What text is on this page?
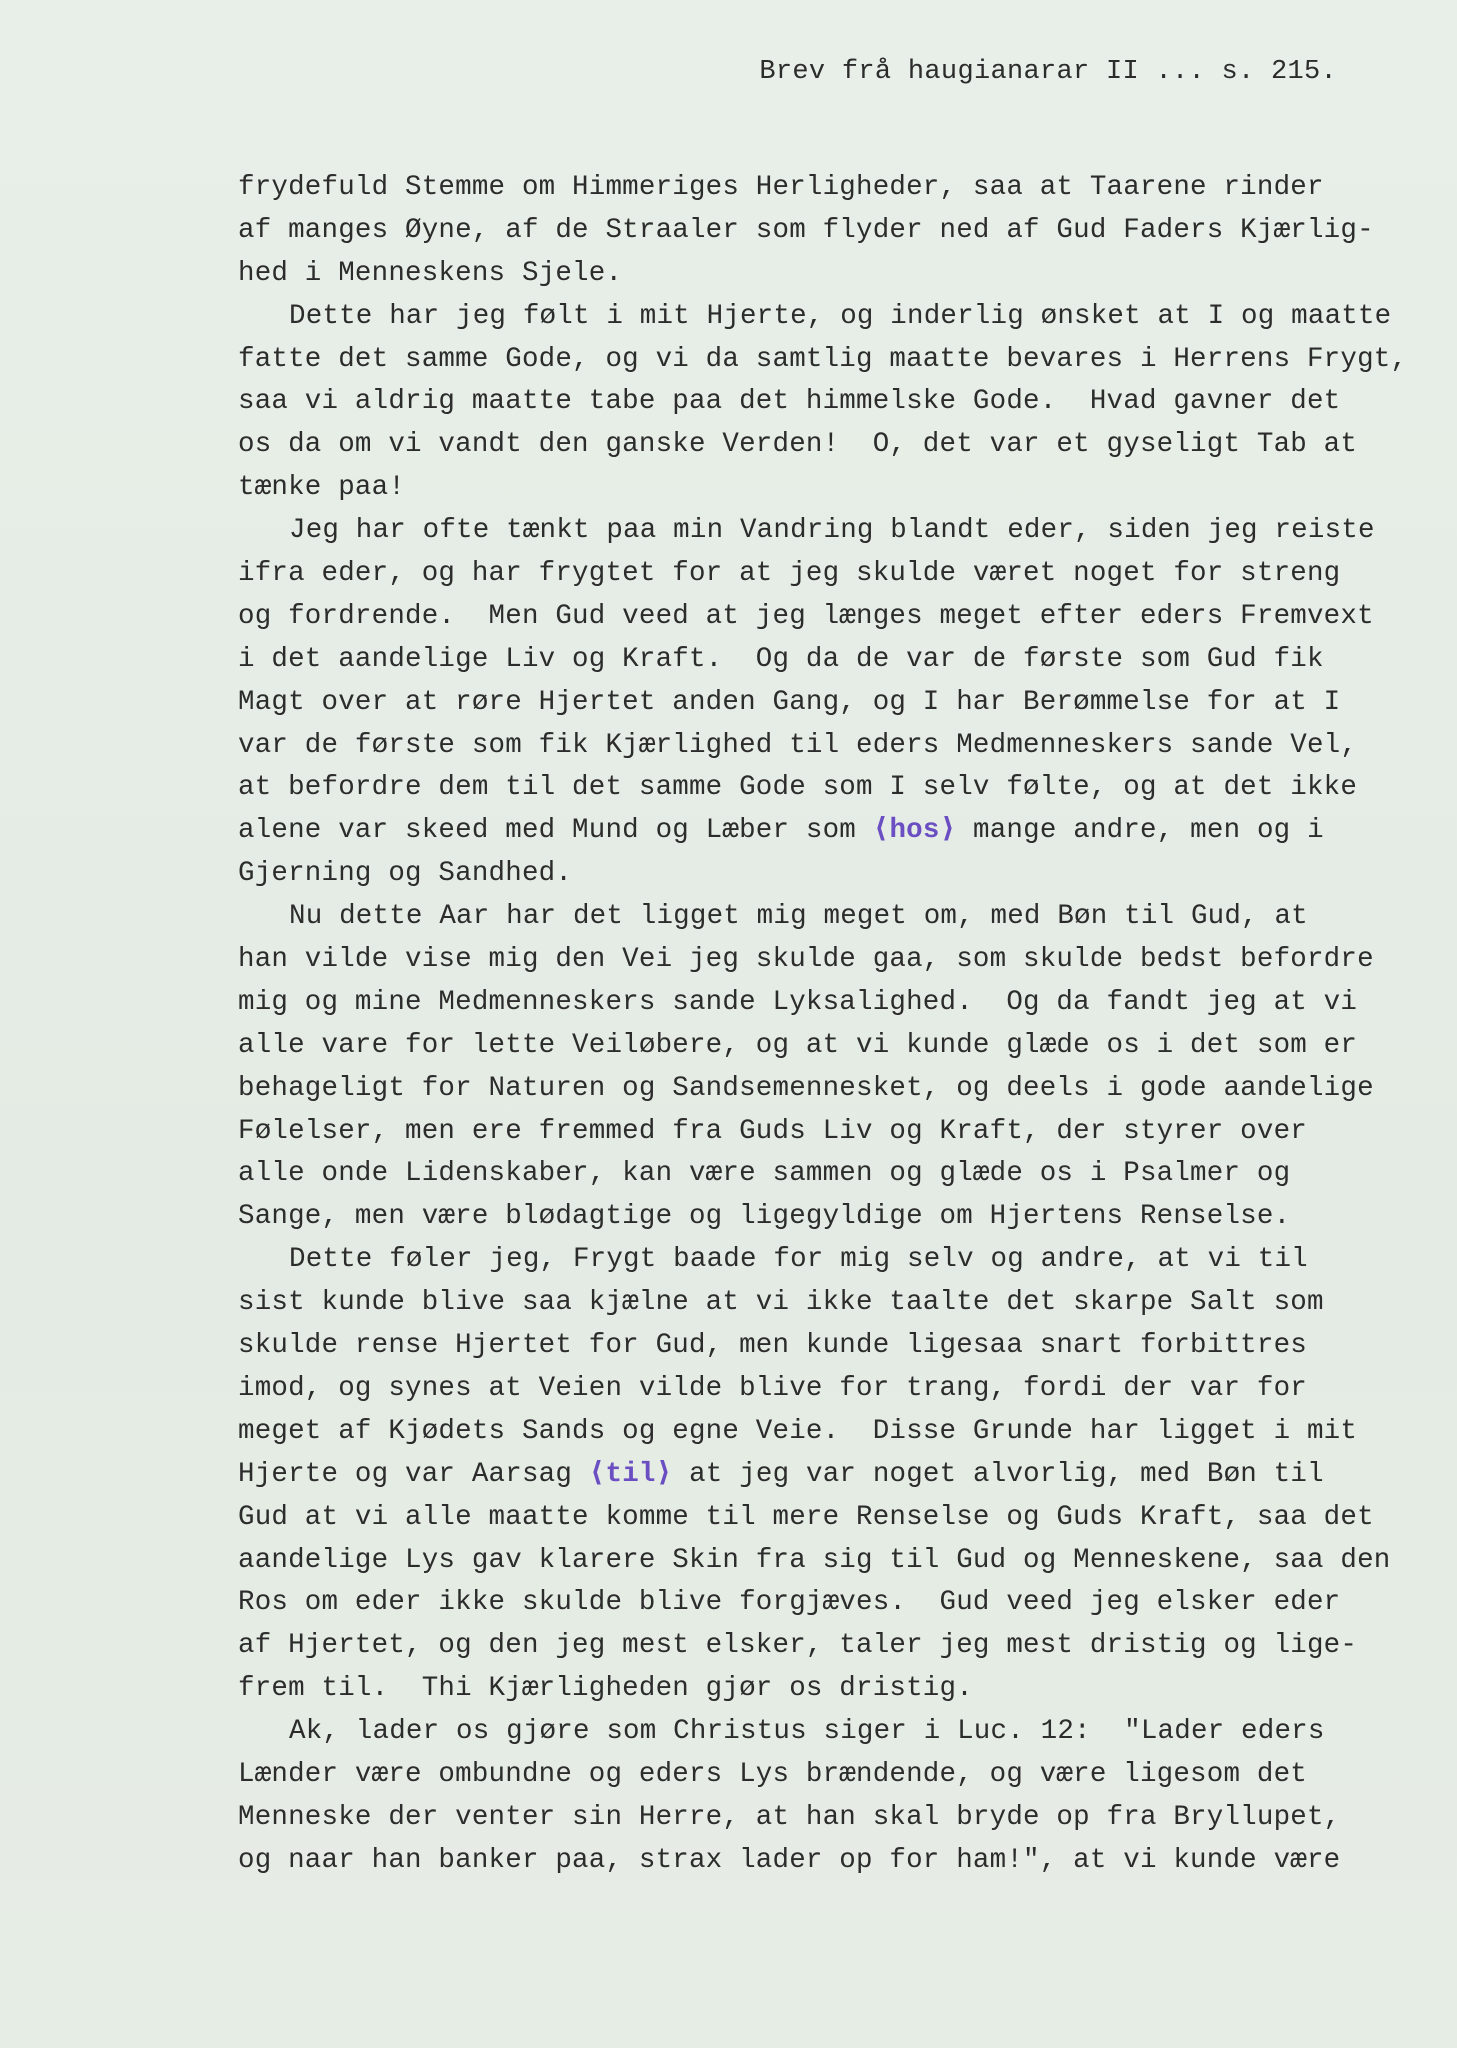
Brev frå haugianarar II ... s. 215.
frydefuld Stemme om Himmeriges Herligheder, saa at Taarene rinder
af manges Øyne, af de Straaler som flyder ned af Gud Faders Kjærlig-
hed i Menneskens Sjele.
Dette har jeg følt i mit Hjerte, og inderlig ønsket at I og maatte
fatte det samme Gode, og vi da samtlig maatte bevares i Herrens Frygt,
saa vi aldrig maatte tabe paa det himmelske Gode.  Hvad gavner det
os da om vi vandt den ganske Verden!  O, det var et gyseligt Tab at
tænke paa!
Jeg har ofte tænkt paa min Vandring blandt eder, siden jeg reiste
ifra eder, og har frygtet for at jeg skulde været noget for streng
og fordrende.  Men Gud veed at jeg længes meget efter eders Fremvext
i det aandelige Liv og Kraft.  Og da de var de første som Gud fik
Magt over at røre Hjertet anden Gang, og I har Berømmelse for at I
var de første som fik Kjærlighed til eders Medmenneskers sande Vel,
at befordre dem til det samme Gode som I selv følte, og at det ikke
alene var skeed med Mund og Læber som ⟨hos⟩ mange andre, men og i
Gjerning og Sandhed.
Nu dette Aar har det ligget mig meget om, med Bøn til Gud, at
han vilde vise mig den Vei jeg skulde gaa, som skulde bedst befordre
mig og mine Medmenneskers sande Lyksalighed.  Og da fandt jeg at vi
alle vare for lette Veiløbere, og at vi kunde glæde os i det som er
behageligt for Naturen og Sandsemennesket, og deels i gode aandelige
Følelser, men ere fremmed fra Guds Liv og Kraft, der styrer over
alle onde Lidenskaber, kan være sammen og glæde os i Psalmer og
Sange, men være blødagtige og ligegyldige om Hjertens Renselse.
Dette føler jeg, Frygt baade for mig selv og andre, at vi til
sist kunde blive saa kjælne at vi ikke taalte det skarpe Salt som
skulde rense Hjertet for Gud, men kunde ligesaa snart forbittres
imod, og synes at Veien vilde blive for trang, fordi der var for
meget af Kjødets Sands og egne Veie.  Disse Grunde har ligget i mit
Hjerte og var Aarsag ⟨til⟩ at jeg var noget alvorlig, med Bøn til
Gud at vi alle maatte komme til mere Renselse og Guds Kraft, saa det
aandelige Lys gav klarere Skin fra sig til Gud og Menneskene, saa den
Ros om eder ikke skulde blive forgjæves.  Gud veed jeg elsker eder
af Hjertet, og den jeg mest elsker, taler jeg mest dristig og lige-
frem til.  Thi Kjærligheden gjør os dristig.
Ak, lader os gjøre som Christus siger i Luc. 12:  "Lader eders
Lænder være ombundne og eders Lys brændende, og være ligesom det
Menneske der venter sin Herre, at han skal bryde op fra Bryllupet,
og naar han banker paa, strax lader op for ham!", at vi kunde være
